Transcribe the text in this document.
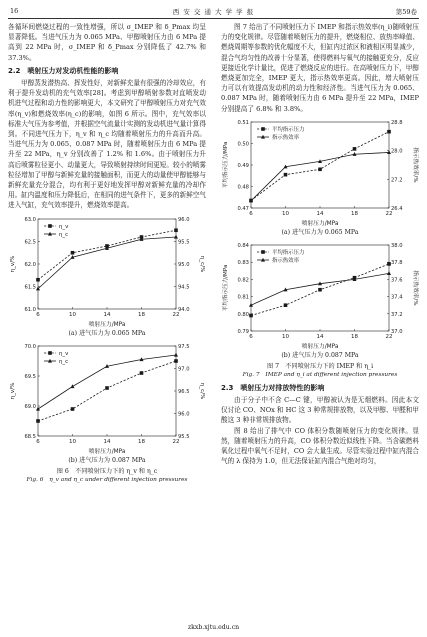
16	西 安 交 通 大 学 学 报	第59卷

各循环间燃烧过程的一致性增强，所以 σ_IMEP 和 δ_Pmax 均呈显著降低。当进气压力为 0.065 MPa、甲醇喷射压力由 6 MPa 提高到 22 MPa 时，σ_IMEP 和 δ_Pmax 分别降低了 42.7% 和 37.3%。

2.2　喷射压力对发动机性能的影响

甲醇蒸发潜热高、挥发性好，对新鲜充量有很强的冷却效应，有利于提升发动机的充气效率[28]。考虑到甲醇喷射参数对直喷发动机进气过程和动力性的影响更大，本文研究了甲醇喷射压力对充气效率(η_v)和燃烧效率(η_c)的影响，如图 6 所示。图中，充气效率以标准大气压为参考值，并根据空气流量计实测的发动机进气量计算得到。不同进气压力下，η_v 和 η_c 均随着喷射压力的升高而升高。当进气压力为 0.065、0.087 MPa 时，随着喷射压力由 6 MPa 提升至 22 MPa，η_v 分别改善了 1.2% 和 1.6%。由于喷射压力升高后喷雾粒径更小、动量更大，导致喷射持续时间更短。较小的喷雾粒径增加了甲醇与新鲜充量的接触面积，而更大的动量使甲醇能够与新鲜充量充分混合，均有利于更好地发挥甲醇对新鲜充量的冷却作用。缸内温度和压力降低后，在相同的进气条件下，更多的新鲜空气进入气缸，充气效率提升，燃烧效率提高。

6	10	14	18	22
喷射压力/MPa
61.0
61.5
62.0
62.5
63.0
94.0
94.5
95.0
95.5
96.0
η_v/%	η_c/%
η_v
η_c
(a) 进气压力为 0.065 MPa
6	10	14	18	22
喷射压力/MPa
68.5
69.0
69.5
70.0
95.5
96.0
96.5
97.0
97.5
η_v/%	η_c/%
η_v
η_c
(b) 进气压力为 0.087 MPa
图 6　不同喷射压力下的 η_v 和 η_c
Fig. 6　η_v and η_c under different injection pressures

图 7 给出了不同喷射压力下 IMEP 和指示热效率(η_i)随喷射压力的变化规律。尽管随着喷射压力的提升，燃烧相位、放热率峰值、燃烧周期等参数的优化幅度不大，但缸内过浓区和液相区明显减少，混合气均匀性的改善十分显著，使得燃料与氧气的接触更充分，反应更接近化学计量比，促进了燃烧反应的进行。在高喷射压力下，甲醇燃烧更加完全，IMEP 更大，指示热效率更高。因此，增大喷射压力可以有效提高发动机的动力性和经济性。当进气压力为 0.065、0.087 MPa 时，随着喷射压力由 6 MPa 提升至 22 MPa，IMEP 分别提高了 6.8% 和 3.8%。

6	10	14	18	22
喷射压力/MPa
0.47
0.48
0.49
0.50
0.51
26.4
27.2
28.0
28.8
平均指示压力/MPa	指示热效率/%
平均指示压力
指示热效率
(a) 进气压力为 0.065 MPa
6	10	14	18	22
喷射压力/MPa
0.79
0.80
0.81
0.82
0.83
0.84
37.0
37.2
37.4
37.6
37.8
38.0
平均指示压力/MPa	指示热效率/%
平均指示压力
指示热效率
(b) 进气压力为 0.087 MPa
图 7　不同喷射压力下的 IMEP 和 η_i
Fig. 7　IMEP and η_i at different injection pressures
2.3　喷射压力对排放特性的影响

由于分子中不含 C—C 键，甲醇被认为是无烟燃料。因此本文仅讨论 CO、NOx 和 HC 这 3 种常规排放物，以及甲醇、甲醛和甲酸这 3 种非常规排放物。

图 8 给出了排气中 CO 体积分数随喷射压力的变化规律。显然，随着喷射压力的升高，CO 体积分数近似线性下降。当含碳燃料氧化过程中氧气不足时，CO 会大量生成。尽管实验过程中缸内混合气的 λ 保持为 1.0，但无法保证缸内混合气绝对均匀，

zkxb.xjtu.edu.cn
